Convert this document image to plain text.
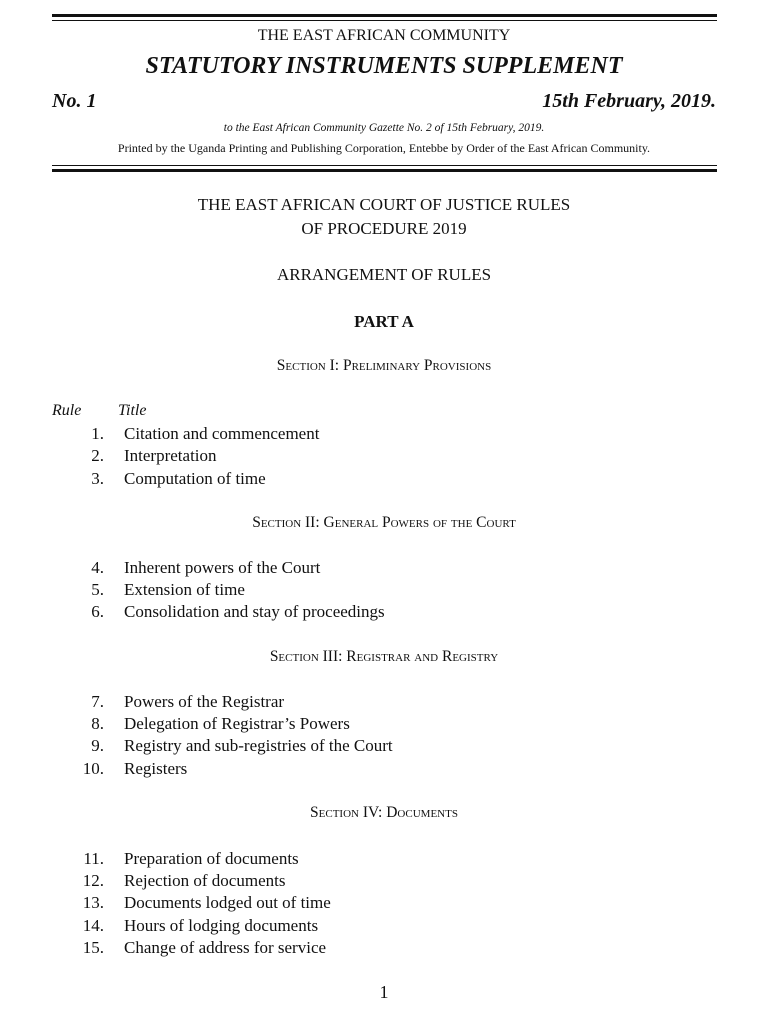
THE EAST AFRICAN COMMUNITY
STATUTORY INSTRUMENTS SUPPLEMENT
No. 1	15th February, 2019.
to the East African Community Gazette No. 2 of 15th February, 2019.
Printed by the Uganda Printing and Publishing Corporation, Entebbe by Order of the East African Community.
THE EAST AFRICAN COURT OF JUSTICE RULES
OF PROCEDURE 2019
ARRANGEMENT OF RULES
PART A
Section I: Preliminary Provisions
Rule Title
1. Citation and commencement
2. Interpretation
3. Computation of time
Section II: General Powers of the Court
4. Inherent powers of the Court
5. Extension of time
6. Consolidation and stay of proceedings
Section III: Registrar and Registry
7. Powers of the Registrar
8. Delegation of Registrar’s Powers
9. Registry and sub-registries of the Court
10. Registers
Section IV: Documents
11. Preparation of documents
12. Rejection of documents
13. Documents lodged out of time
14. Hours of lodging documents
15. Change of address for service
1
